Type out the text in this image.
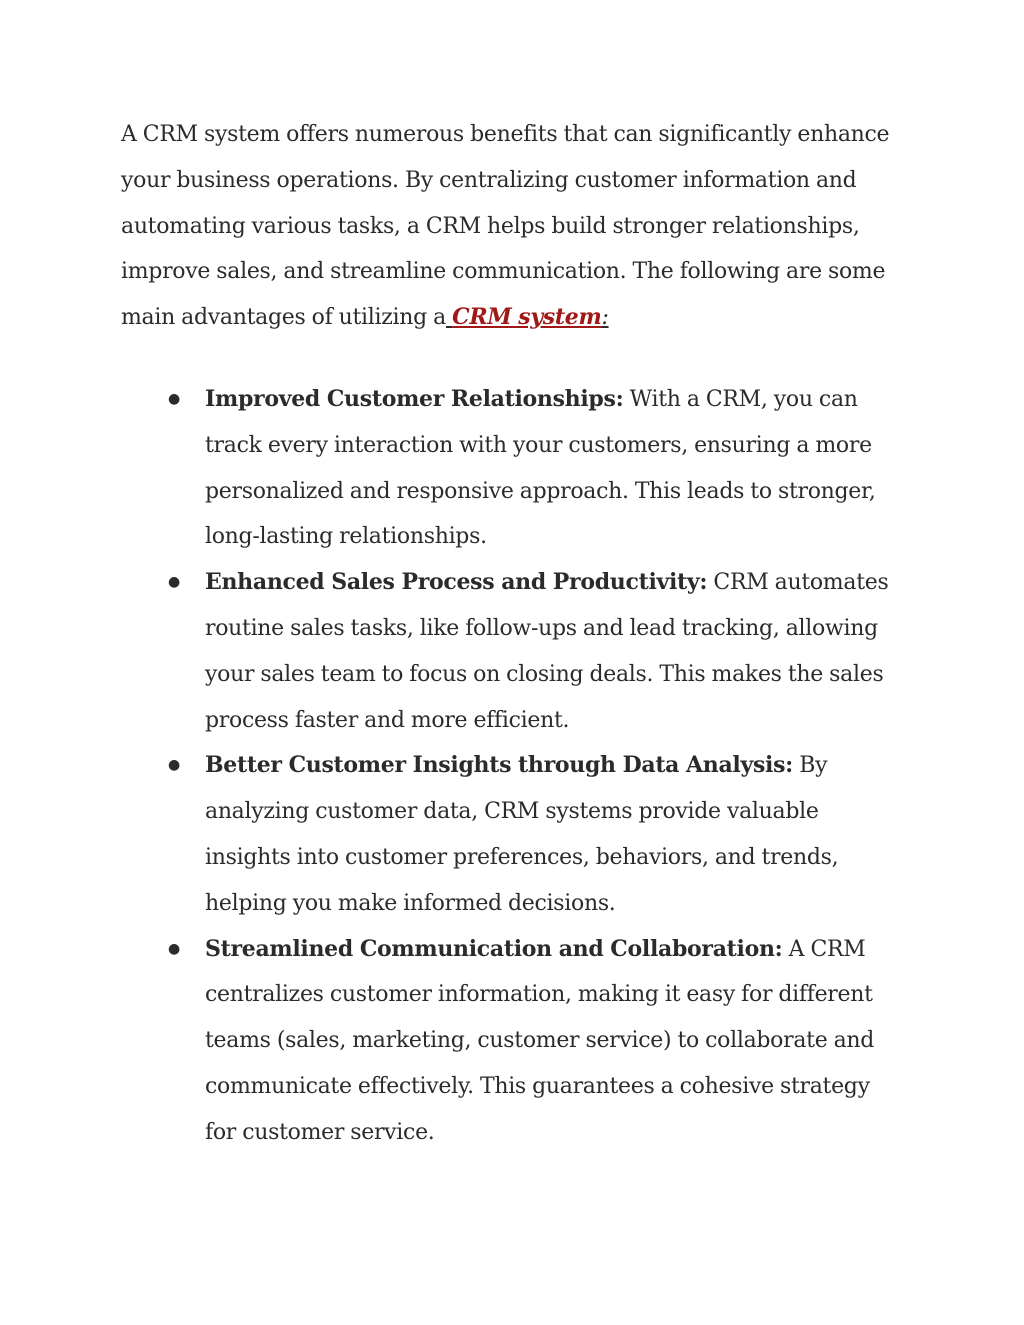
A CRM system offers numerous benefits that can significantly enhance your business operations. By centralizing customer information and automating various tasks, a CRM helps build stronger relationships, improve sales, and streamline communication. The following are some main advantages of utilizing a CRM system:

● Improved Customer Relationships: With a CRM, you can track every interaction with your customers, ensuring a more personalized and responsive approach. This leads to stronger, long-lasting relationships.
● Enhanced Sales Process and Productivity: CRM automates routine sales tasks, like follow-ups and lead tracking, allowing your sales team to focus on closing deals. This makes the sales process faster and more efficient.
● Better Customer Insights through Data Analysis: By analyzing customer data, CRM systems provide valuable insights into customer preferences, behaviors, and trends, helping you make informed decisions.
● Streamlined Communication and Collaboration: A CRM centralizes customer information, making it easy for different teams (sales, marketing, customer service) to collaborate and communicate effectively. This guarantees a cohesive strategy for customer service.
